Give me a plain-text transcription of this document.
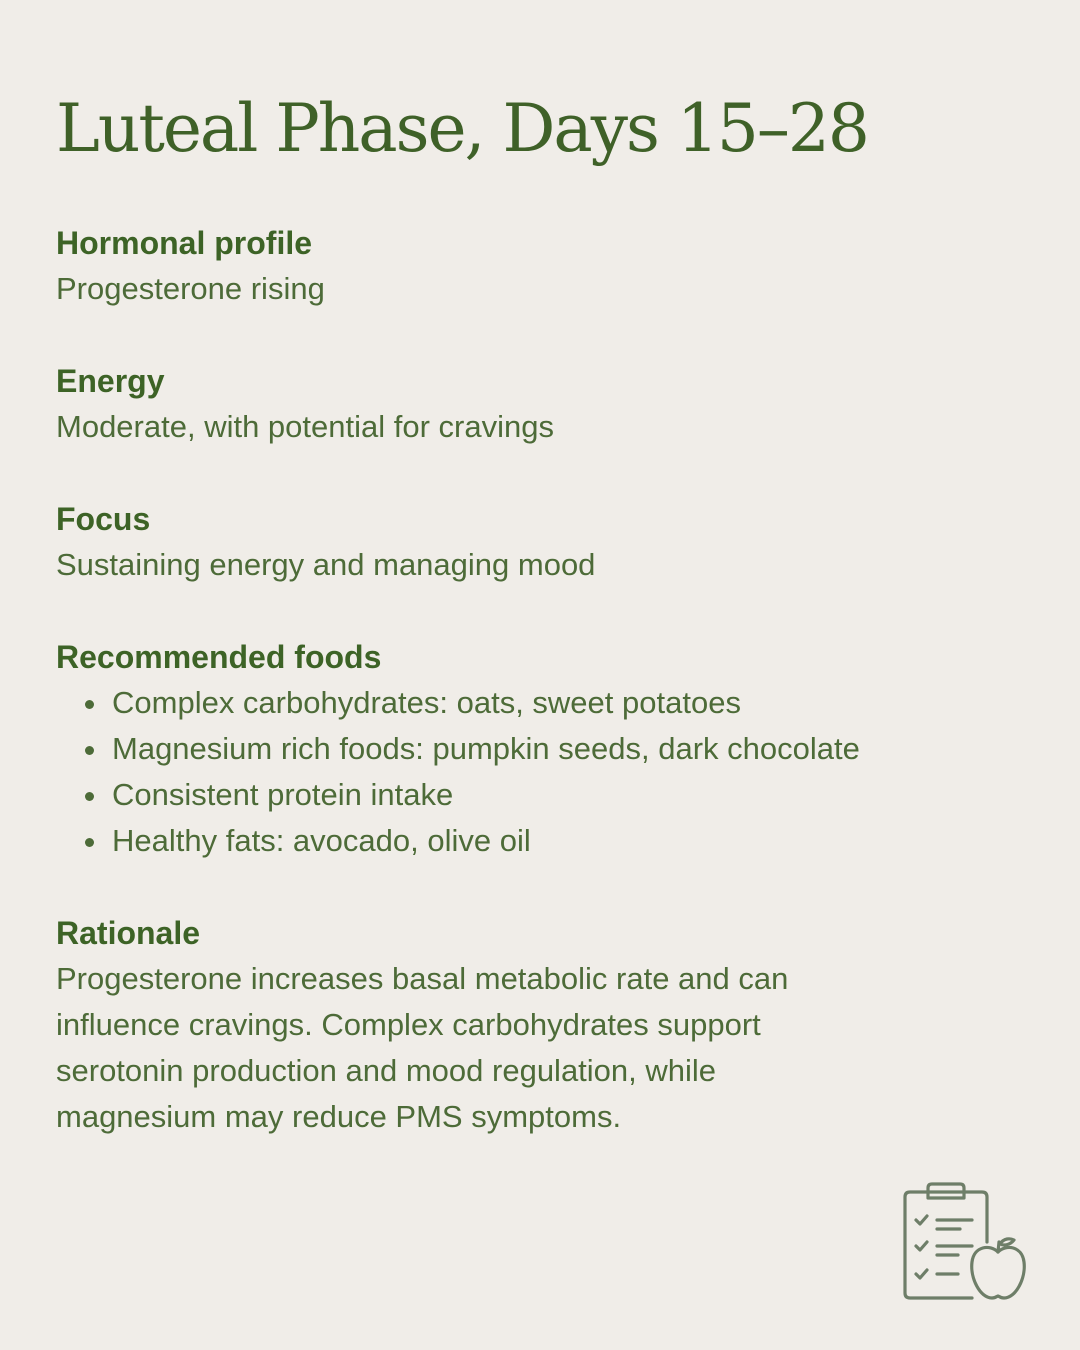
Luteal Phase, Days 15–28

Hormonal profile

Progesterone rising

Energy

Moderate, with potential for cravings

Focus

Sustaining energy and managing mood

Recommended foods

Complex carbohydrates: oats, sweet potatoes
Magnesium rich foods: pumpkin seeds, dark chocolate
Consistent protein intake
Healthy fats: avocado, olive oil

Rationale

Progesterone increases basal metabolic rate and can

influence cravings. Complex carbohydrates support

serotonin production and mood regulation, while

magnesium may reduce PMS symptoms.
